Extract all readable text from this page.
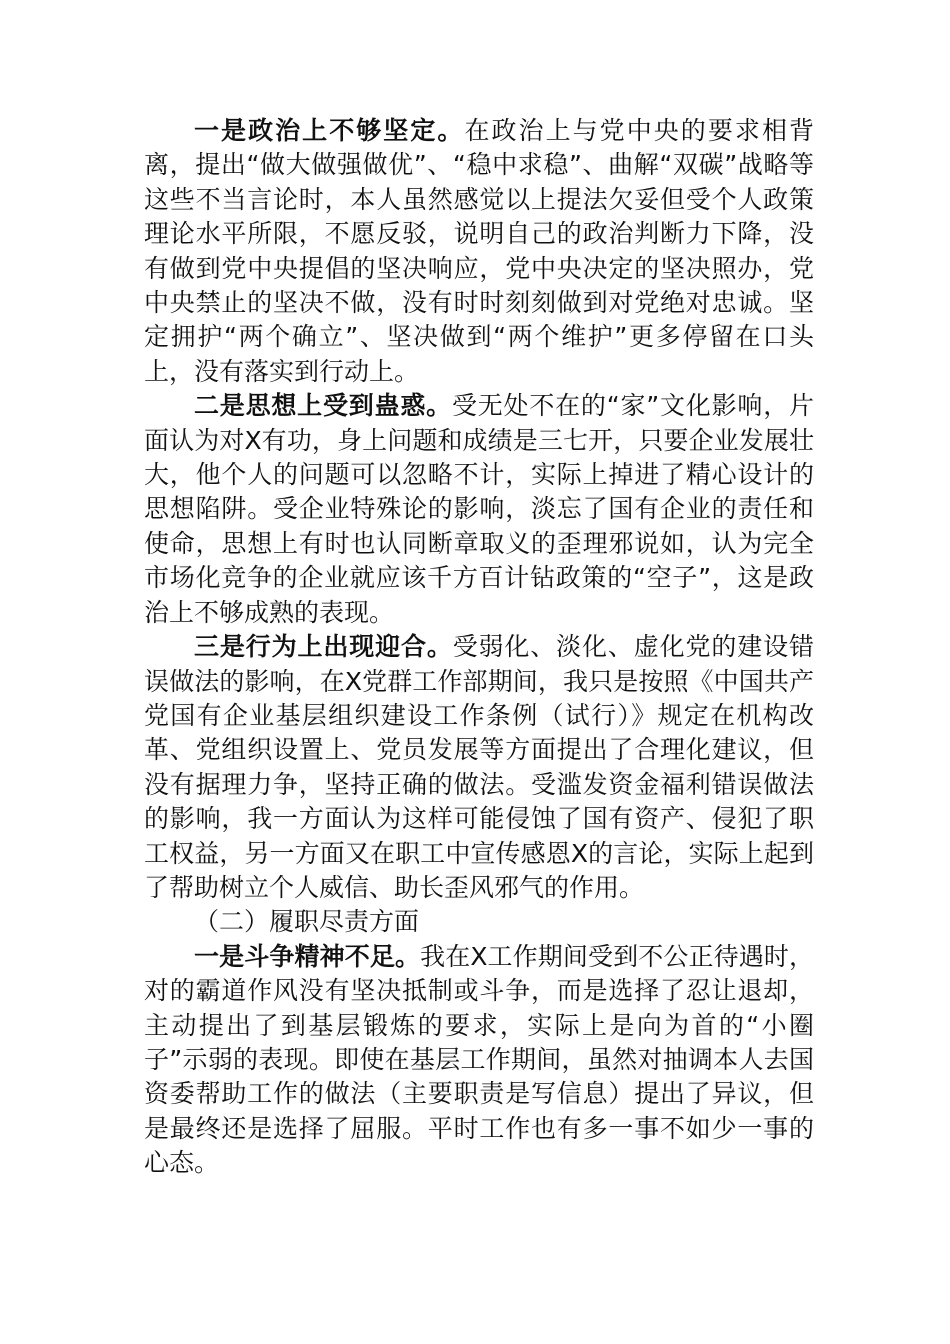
一是政治上不够坚定。在政治上与党中央的要求相背离，提出“做大做强做优”、“稳中求稳”、曲解“双碳”战略等这些不当言论时，本人虽然感觉以上提法欠妥但受个人政策理论水平所限，不愿反驳，说明自己的政治判断力下降，没有做到党中央提倡的坚决响应，党中央决定的坚决照办，党中央禁止的坚决不做，没有时时刻刻做到对党绝对忠诚。坚定拥护“两个确立”、坚决做到“两个维护”更多停留在口头上，没有落实到行动上。

二是思想上受到蛊惑。受无处不在的“家”文化影响，片面认为对X有功，身上问题和成绩是三七开，只要企业发展壮大，他个人的问题可以忽略不计，实际上掉进了精心设计的思想陷阱。受企业特殊论的影响，淡忘了国有企业的责任和使命，思想上有时也认同断章取义的歪理邪说如，认为完全市场化竞争的企业就应该千方百计钻政策的“空子”，这是政治上不够成熟的表现。

三是行为上出现迎合。受弱化、淡化、虚化党的建设错误做法的影响，在X党群工作部期间，我只是按照《中国共产党国有企业基层组织建设工作条例（试行）》规定在机构改革、党组织设置上、党员发展等方面提出了合理化建议，但没有据理力争，坚持正确的做法。受滥发资金福利错误做法的影响，我一方面认为这样可能侵蚀了国有资产、侵犯了职工权益，另一方面又在职工中宣传感恩X的言论，实际上起到了帮助树立个人威信、助长歪风邪气的作用。

（二）履职尽责方面

一是斗争精神不足。我在X工作期间受到不公正待遇时，对的霸道作风没有坚决抵制或斗争，而是选择了忍让退却，主动提出了到基层锻炼的要求，实际上是向为首的“小圈子”示弱的表现。即使在基层工作期间，虽然对抽调本人去国资委帮助工作的做法（主要职责是写信息）提出了异议，但是最终还是选择了屈服。平时工作也有多一事不如少一事的心态。
